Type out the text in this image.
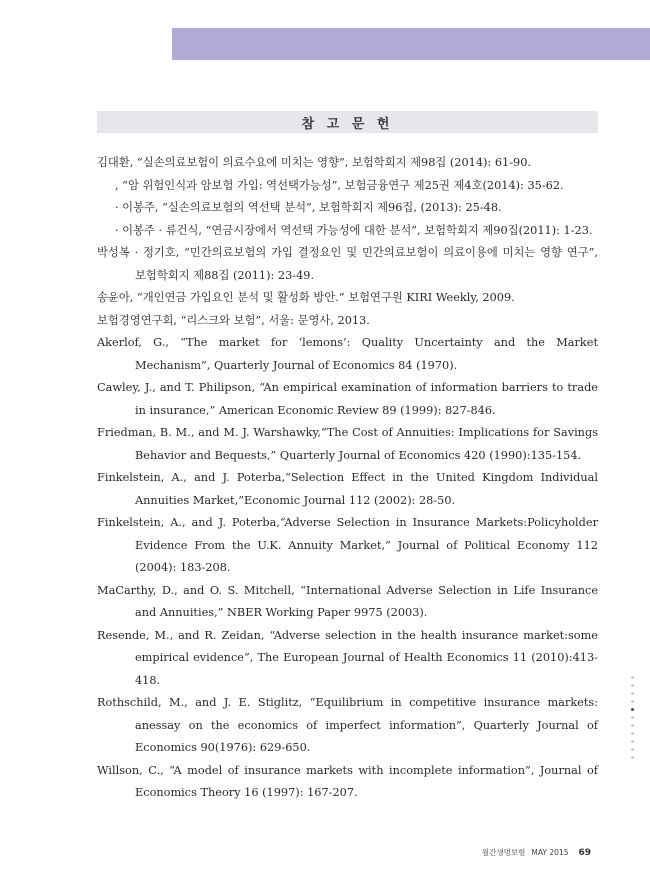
참 고 문 헌
김대환, “실손의료보험이 의료수요에 미치는 영향”, 보험학회지 제98집 (2014): 61-90.
, “암 위험인식과 암보험 가입: 역선택가능성”, 보험금융연구 제25권 제4호(2014): 35-62.
· 이봉주, “실손의료보험의 역선택 분석”, 보험학회지 제96집, (2013): 25-48.
· 이봉주 · 류건식, “연금시장에서 역선택 가능성에 대한 분석”, 보험학회지 제90집(2011): 1-23.
박성복 · 정기호, “민간의료보험의 가입 결정요인 및 민간의료보험이 의료이용에 미치는 영향 연구”, 보험학회지 제88집 (2011): 23-49.
송윤아, “개인연금 가입요인 분석 및 활성화 방안.” 보험연구원 KIRI Weekly, 2009.
보험경영연구회, “리스크와 보험”, 서울: 문영사, 2013.
Akerlof, G., “The market for ‘lemons’: Quality Uncertainty and the Market Mechanism”, Quarterly Journal of Economics 84 (1970).
Cawley, J., and T. Philipson, “An empirical examination of information barriers to trade in insurance,” American Economic Review 89 (1999): 827-846.
Friedman, B. M., and M. J. Warshawky,“The Cost of Annuities: Implications for Savings Behavior and Bequests,” Quarterly Journal of Economics 420 (1990):135-154.
Finkelstein, A., and J. Poterba,“Selection Effect in the United Kingdom Individual Annuities Market,”Economic Journal 112 (2002): 28-50.
Finkelstein, A., and J. Poterba,“Adverse Selection in Insurance Markets:Policyholder Evidence From the U.K. Annuity Market,” Journal of Political Economy 112 (2004): 183-208.
MaCarthy, D., and O. S. Mitchell, “International Adverse Selection in Life Insurance and Annuities,” NBER Working Paper 9975 (2003).
Resende, M., and R. Zeidan, “Adverse selection in the health insurance market:some empirical evidence”, The European Journal of Health Economics 11 (2010):413-418.
Rothschild, M., and J. E. Stiglitz, “Equilibrium in competitive insurance markets: anessay on the economics of imperfect information”, Quarterly Journal of Economics 90(1976): 629-650.
Willson, C., “A model of insurance markets with incomplete information”, Journal of Economics Theory 16 (1997): 167-207.
월간생명보험 MAY 2015 69
